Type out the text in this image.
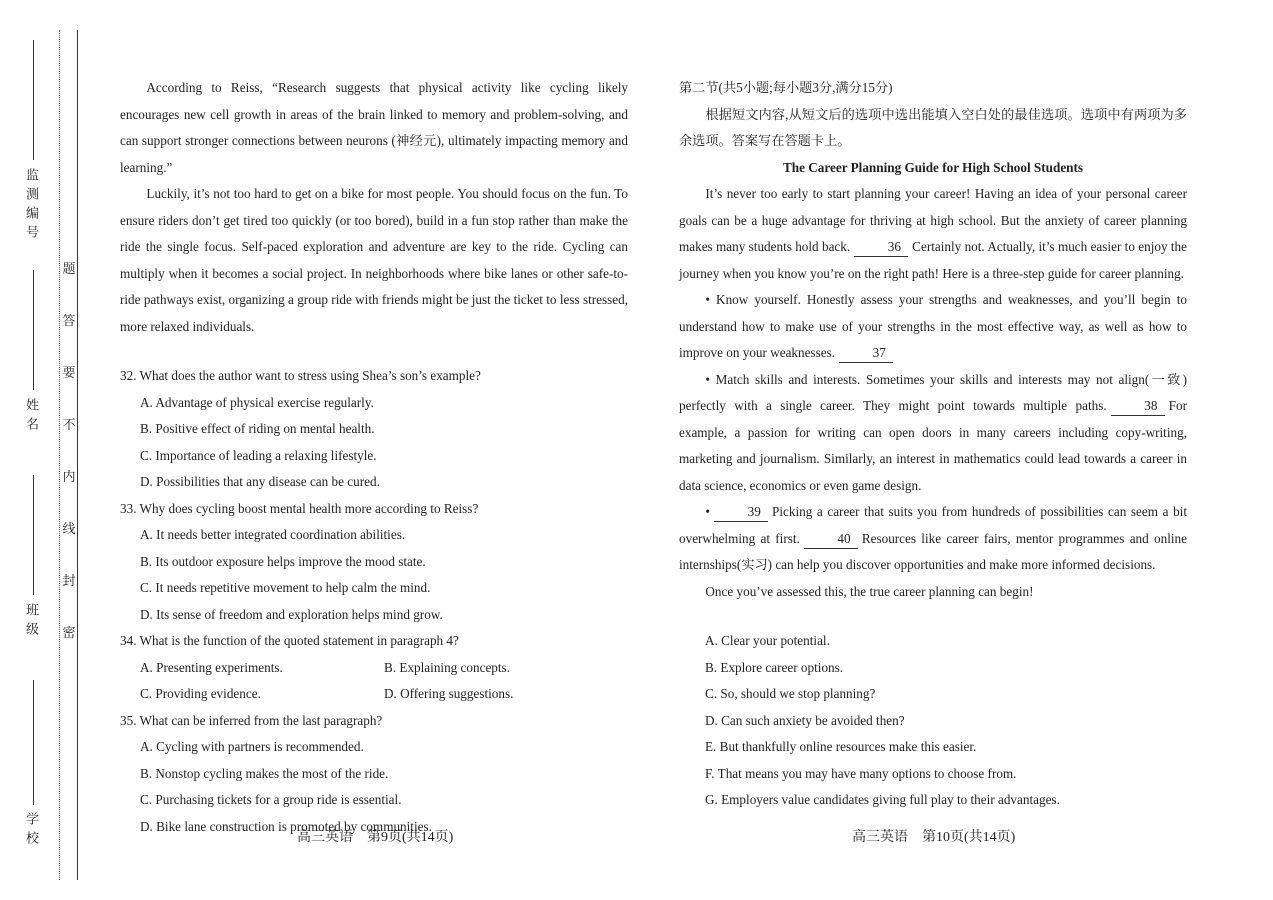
监测编号
姓名
班级
学校
密
封
线
内
不
要
答
题

According to Reiss, “Research suggests that physical activity like cycling likely encourages new cell growth in areas of the brain linked to memory and problem-solving, and can support stronger connections between neurons (神经元), ultimately impacting memory and learning.”

Luckily, it’s not too hard to get on a bike for most people. You should focus on the fun. To ensure riders don’t get tired too quickly (or too bored), build in a fun stop rather than make the ride the single focus. Self-paced exploration and adventure are key to the ride. Cycling can multiply when it becomes a social project. In neighborhoods where bike lanes or other safe-to-ride pathways exist, organizing a group ride with friends might be just the ticket to less stressed, more relaxed individuals.

32. What does the author want to stress using Shea’s son’s example?

A. Advantage of physical exercise regularly.

B. Positive effect of riding on mental health.

C. Importance of leading a relaxing lifestyle.

D. Possibilities that any disease can be cured.

33. Why does cycling boost mental health more according to Reiss?

A. It needs better integrated coordination abilities.

B. Its outdoor exposure helps improve the mood state.

C. It needs repetitive movement to help calm the mind.

D. Its sense of freedom and exploration helps mind grow.

34. What is the function of the quoted statement in paragraph 4?

A. Presenting experiments.	B. Explaining concepts.
C. Providing evidence.	D. Offering suggestions.

35. What can be inferred from the last paragraph?

A. Cycling with partners is recommended.

B. Nonstop cycling makes the most of the ride.

C. Purchasing tickets for a group ride is essential.

D. Bike lane construction is promoted by communities.

第二节(共5小题;每小题3分,满分15分)

根据短文内容,从短文后的选项中选出能填入空白处的最佳选项。选项中有两项为多余选项。答案写在答题卡上。

The Career Planning Guide for High School Students

It’s never too early to start planning your career! Having an idea of your personal career goals can be a huge advantage for thriving at high school. But the anxiety of career planning makes many students hold back.	36 Certainly not. Actually, it’s much easier to enjoy the journey when you know you’re on the right path! Here is a three-step guide for career planning.

• Know yourself. Honestly assess your strengths and weaknesses, and you’ll begin to understand how to make use of your strengths in the most effective way, as well as how to improve on your weaknesses.	37

• Match skills and interests. Sometimes your skills and interests may not align(一致) perfectly with a single career. They might point towards multiple paths.	38 For example, a passion for writing can open doors in many careers including copy-writing, marketing and journalism. Similarly, an interest in mathematics could lead towards a career in data science, economics or even game design.

•	39 Picking a career that suits you from hundreds of possibilities can seem a bit overwhelming at first.	40 Resources like career fairs, mentor programmes and online internships(实习) can help you discover opportunities and make more informed decisions.

Once you’ve assessed this, the true career planning can begin!

A. Clear your potential.

B. Explore career options.

C. So, should we stop planning?

D. Can such anxiety be avoided then?

E. But thankfully online resources make this easier.

F. That means you may have many options to choose from.

G. Employers value candidates giving full play to their advantages.

高三英语　第9页(共14页)	高三英语　第10页(共14页)
